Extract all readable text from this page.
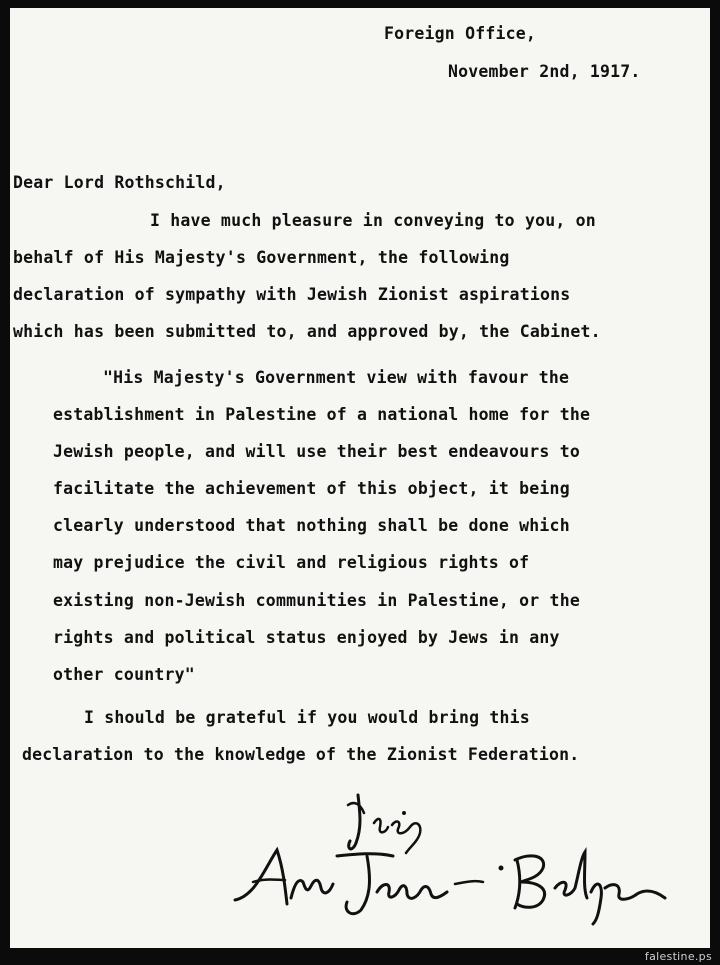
Foreign Office,
November 2nd, 1917.
Dear Lord Rothschild,
I have much pleasure in conveying to you, on
behalf of His Majesty's Government, the following
declaration of sympathy with Jewish Zionist aspirations
which has been submitted to, and approved by, the Cabinet.
"His Majesty's Government view with favour the
establishment in Palestine of a national home for the
Jewish people, and will use their best endeavours to
facilitate the achievement of this object, it being
clearly understood that nothing shall be done which
may prejudice the civil and religious rights of
existing non-Jewish communities in Palestine, or the
rights and political status enjoyed by Jews in any
other country"
I should be grateful if you would bring this
declaration to the knowledge of the Zionist Federation.
falestine.ps
